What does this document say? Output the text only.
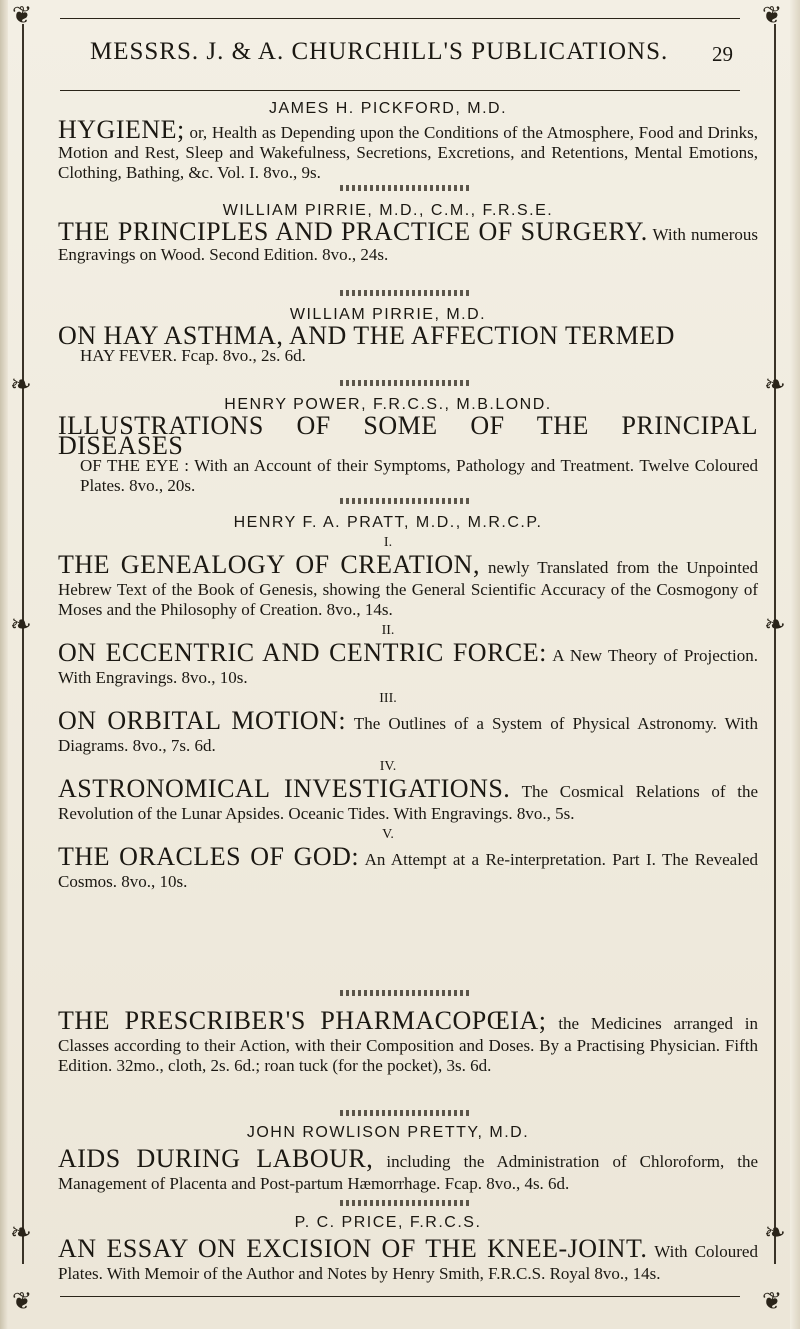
❦	❦
❦	❦
❧
❧
❧
❧
❧	❧
MESSRS. J. & A. CHURCHILL'S PUBLICATIONS. 29
JAMES H. PICKFORD, M.D.
HYGIENE; or, Health as Depending upon the Conditions of the Atmosphere, Food and Drinks, Motion and Rest, Sleep and Wakefulness, Secretions, Excretions, and Retentions, Mental Emotions, Clothing, Bathing, &c. Vol. I. 8vo., 9s.
WILLIAM PIRRIE, M.D., C.M., F.R.S.E.
THE PRINCIPLES AND PRACTICE OF SURGERY. With numerous Engravings on Wood. Second Edition. 8vo., 24s.
WILLIAM PIRRIE, M.D.
ON HAY ASTHMA, AND THE AFFECTION TERMED
HAY FEVER. Fcap. 8vo., 2s. 6d.
HENRY POWER, F.R.C.S., M.B.LOND.
ILLUSTRATIONS OF SOME OF THE PRINCIPAL DISEASES
OF THE EYE : With an Account of their Symptoms, Pathology and Treatment. Twelve Coloured Plates. 8vo., 20s.
HENRY F. A. PRATT, M.D., M.R.C.P.
I.
THE GENEALOGY OF CREATION, newly Translated from the Unpointed Hebrew Text of the Book of Genesis, showing the General Scientific Accuracy of the Cosmogony of Moses and the Philosophy of Creation. 8vo., 14s.
II.
ON ECCENTRIC AND CENTRIC FORCE: A New Theory of Projection. With Engravings. 8vo., 10s.
III.
ON ORBITAL MOTION: The Outlines of a System of Physical Astronomy. With Diagrams. 8vo., 7s. 6d.
IV.
ASTRONOMICAL INVESTIGATIONS. The Cosmical Relations of the Revolution of the Lunar Apsides. Oceanic Tides. With Engravings. 8vo., 5s.
V.
THE ORACLES OF GOD: An Attempt at a Re-interpretation. Part I. The Revealed Cosmos. 8vo., 10s.
THE PRESCRIBER'S PHARMACOPŒIA; the Medicines arranged in Classes according to their Action, with their Composition and Doses. By a Practising Physician. Fifth Edition. 32mo., cloth, 2s. 6d.; roan tuck (for the pocket), 3s. 6d.
JOHN ROWLISON PRETTY, M.D.
AIDS DURING LABOUR, including the Administration of Chloroform, the Management of Placenta and Post-partum Hæmorrhage. Fcap. 8vo., 4s. 6d.
P. C. PRICE, F.R.C.S.
AN ESSAY ON EXCISION OF THE KNEE-JOINT. With Coloured Plates. With Memoir of the Author and Notes by Henry Smith, F.R.C.S. Royal 8vo., 14s.
